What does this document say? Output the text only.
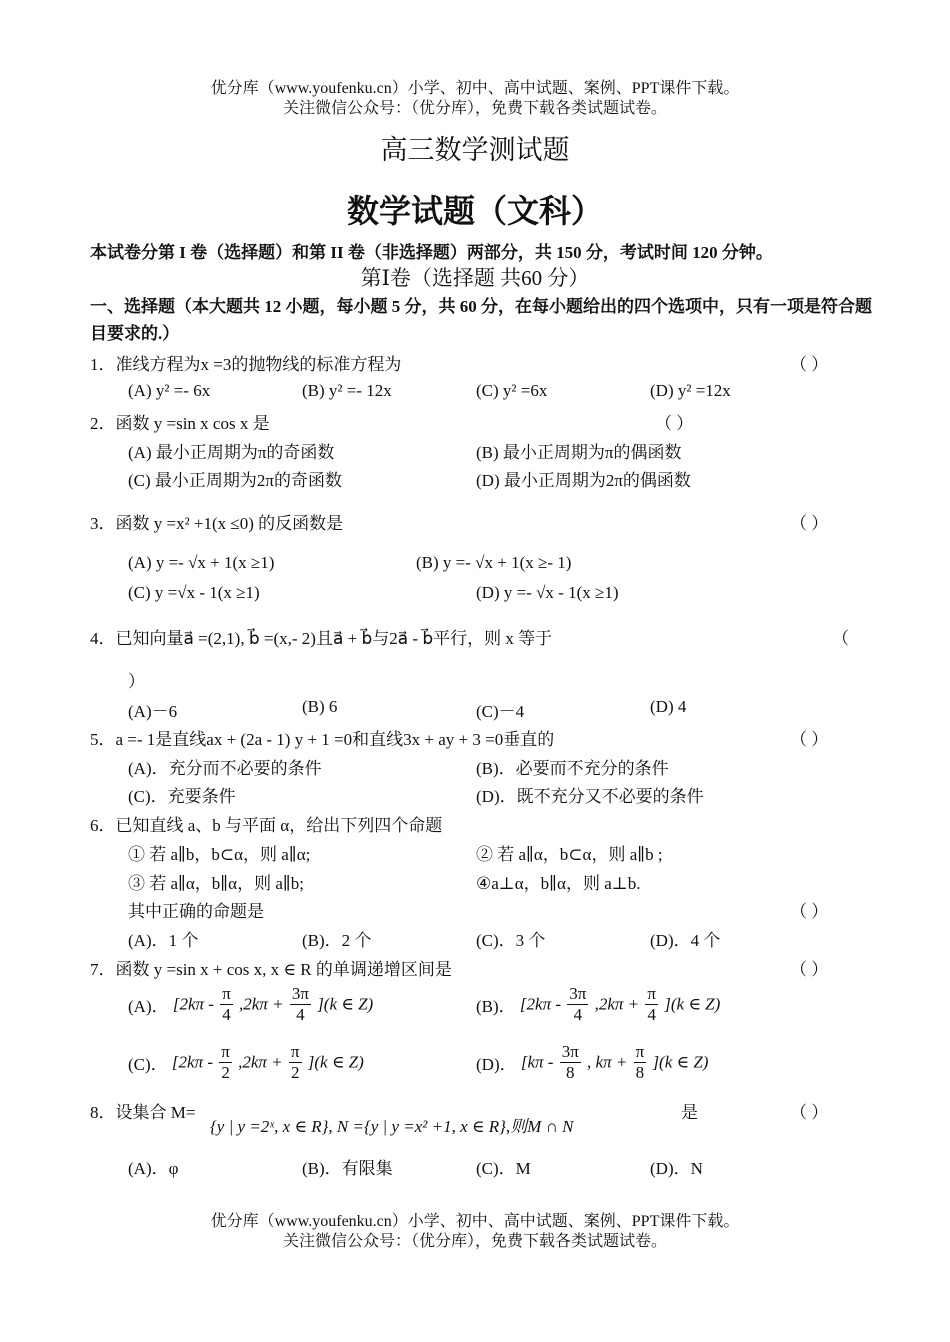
优分库（www.youfenku.cn）小学、初中、高中试题、案例、PPT课件下载。
关注微信公众号：（优分库），免费下载各类试题试卷。
高三数学测试题
数学试题（文科）
本试卷分第 I 卷（选择题）和第 II 卷（非选择题）两部分，共 150 分，考试时间 120 分钟。
第Ⅰ卷（选择题 共60 分）
一、选择题（本大题共 12 小题，每小题 5 分，共 60 分，在每小题给出的四个选项中，只有一项是符合题目要求的.）
1．准线方程为x =3的抛物线的标准方程为	（ ）
(A) y² =- 6x	(B) y² =- 12x	(C) y² =6x	(D) y² =12x
2．函数 y =sin x cos x 是	（ ）
(A) 最小正周期为π的奇函数	(B) 最小正周期为π的偶函数
(C) 最小正周期为2π的奇函数	(D) 最小正周期为2π的偶函数
3．函数 y =x² +1(x ≤0) 的反函数是	（ ）
(A) y =- √x + 1(x ≥1)	(B) y =- √x + 1(x ≥- 1)
(C) y =√x - 1(x ≥1)	(D) y =- √x - 1(x ≥1)
4．已知向量a⃗ =(2,1), b⃗ =(x,- 2)且a⃗ + b⃗与2a⃗ - b⃗平行，则 x 等于	（
）
(A)－6	(B) 6	(C)－4	(D) 4
5．a =- 1是直线ax + (2a - 1) y + 1 =0和直线3x + ay + 3 =0垂直的	（ ）
(A)．充分而不必要的条件	(B)．必要而不充分的条件
(C)．充要条件	(D)．既不充分又不必要的条件
6．已知直线 a、b 与平面 α，给出下列四个命题
① 若 a∥b，b⊂α，则 a∥α;	② 若 a∥α，b⊂α，则 a∥b ;
③ 若 a∥α，b∥α，则 a∥b;	④a⊥α，b∥α，则 a⊥b.
其中正确的命题是	（ ）
(A)．1 个	(B)．2 个	(C)．3 个	(D)．4 个
7．函数 y =sin x + cos x, x ∈ R 的单调递增区间是	（ ）
(A)． $[2k\pi - \frac{\pi}{4} ,2k\pi + \frac{3\pi}{4} ](k$ ∈ Z)	(B)． $[2k\pi - \frac{3\pi}{4} ,2k\pi + \frac{\pi}{4} ](k$ ∈ Z)
(C)． $[2k\pi - \frac{\pi}{2} ,2k\pi + \frac{\pi}{2} ](k$ ∈ Z)	(D)． [$k\pi - \frac{3\pi}{8}$ , $k\pi + \frac{\pi}{8} ](k$ ∈ Z)
8．设集合 M=
{y | y =2ˣ, x ∈ R}, N ={y | y =x² +1, x ∈ R},则M ∩ N
是	（ ）
(A)．φ	(B)．有限集	(C)．M	(D)．N
优分库（www.youfenku.cn）小学、初中、高中试题、案例、PPT课件下载。
关注微信公众号：（优分库），免费下载各类试题试卷。
